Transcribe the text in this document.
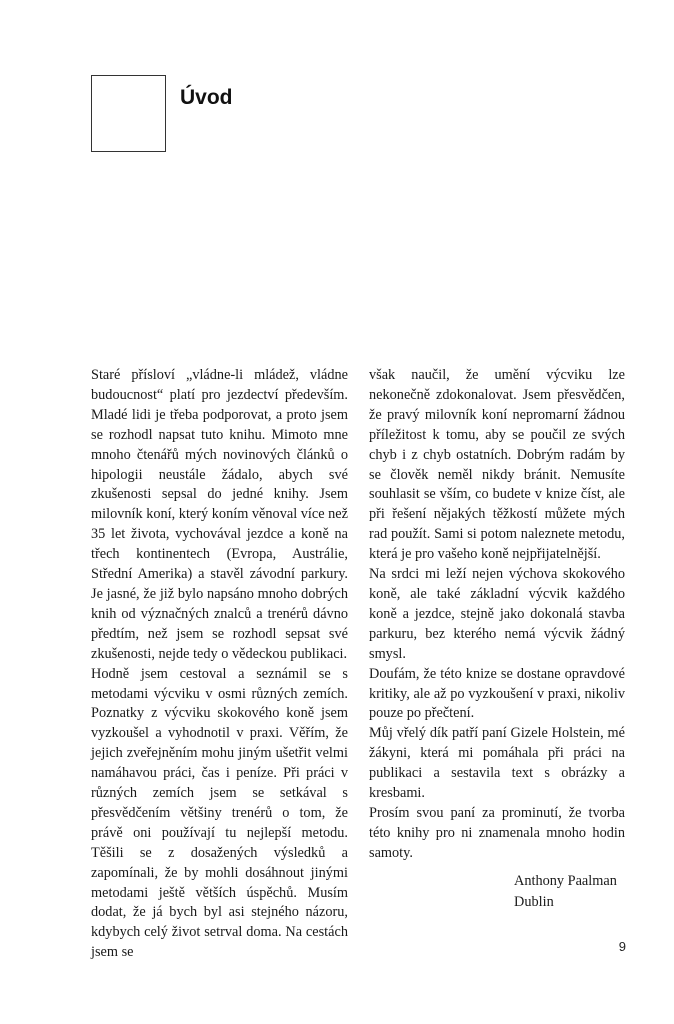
Úvod

Staré přísloví „vládne-li mládež, vládne budoucnost“ platí pro jezdectví především. Mladé lidi je třeba podporovat, a proto jsem se rozhodl napsat tuto knihu. Mimoto mne mnoho čtenářů mých novinových článků o hipologii neustále žádalo, abych své zkušenosti sepsal do jedné knihy. Jsem milovník koní, který koním věnoval více než 35 let života, vychovával jezdce a koně na třech kontinentech (Evropa, Austrálie, Střední Amerika) a stavěl závodní parkury. Je jasné, že již bylo napsáno mnoho dobrých knih od význačných znalců a trenérů dávno předtím, než jsem se rozhodl sepsat své zkušenosti, nejde tedy o vědeckou publikaci.

Hodně jsem cestoval a seznámil se s metodami výcviku v osmi různých zemích. Poznatky z výcviku skokového koně jsem vyzkoušel a vyhodnotil v praxi. Věřím, že jejich zveřejněním mohu jiným ušetřit velmi namáhavou práci, čas i peníze. Při práci v různých zemích jsem se setkával s přesvědčením většiny trenérů o tom, že právě oni používají tu nejlepší metodu. Těšili se z dosažených výsledků a zapomínali, že by mohli dosáhnout jinými metodami ještě větších úspěchů. Musím dodat, že já bych byl asi stejného názoru, kdybych celý život setrval doma. Na cestách jsem se

však naučil, že umění výcviku lze nekonečně zdokonalovat. Jsem přesvědčen, že pravý milovník koní nepromarní žádnou příležitost k tomu, aby se poučil ze svých chyb i z chyb ostatních. Dobrým radám by se člověk neměl nikdy bránit. Nemusíte souhlasit se vším, co budete v knize číst, ale při řešení nějakých těžkostí můžete mých rad použít. Sami si potom naleznete metodu, která je pro vašeho koně nejpřijatelnější.

Na srdci mi leží nejen výchova skokového koně, ale také základní výcvik každého koně a jezdce, stejně jako dokonalá stavba parkuru, bez kterého nemá výcvik žádný smysl.

Doufám, že této knize se dostane opravdové kritiky, ale až po vyzkoušení v praxi, nikoliv pouze po přečtení.

Můj vřelý dík patří paní Gizele Holstein, mé žákyni, která mi pomáhala při práci na publikaci a sestavila text s obrázky a kresbami.

Prosím svou paní za prominutí, že tvorba této knihy pro ni znamenala mnoho hodin samoty.

Anthony Paalman
Dublin
9
